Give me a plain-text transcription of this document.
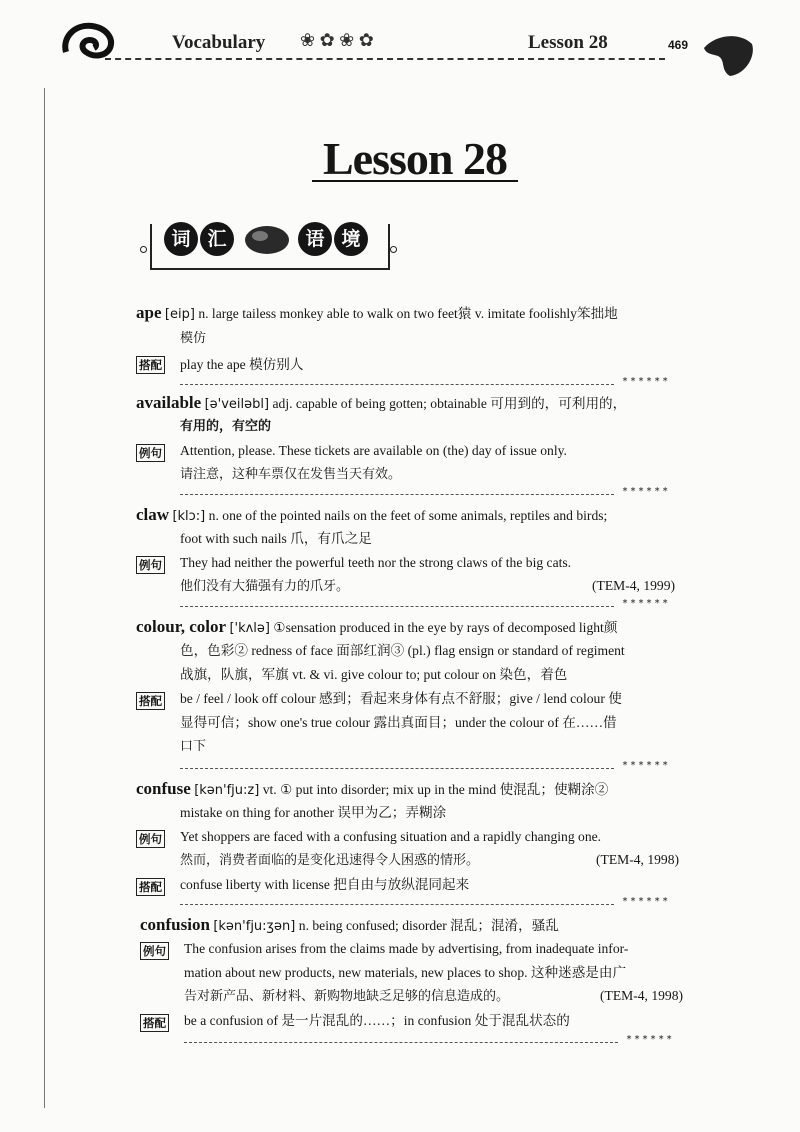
Vocabulary ❀ ✿ ❀ ✿	Lesson 28	469
Lesson 28
词 汇	语 境
ape [eip] n. large tailess monkey able to walk on two feet猿 v. imitate foolishly笨拙地
模仿
搭配 play the ape 模仿别人
******
available [ə'veiləbl] adj. capable of being gotten; obtainable 可用到的，可利用的，
有用的，有空的
例句 Attention, please. These tickets are available on (the) day of issue only.
请注意，这种车票仅在发售当天有效。
******
claw [klɔ:] n. one of the pointed nails on the feet of some animals, reptiles and birds;
foot with such nails 爪，有爪之足
例句 They had neither the powerful teeth nor the strong claws of the big cats.
他们没有大猫强有力的爪牙。	(TEM-4, 1999)
******
colour, color ['kʌlə] ①sensation produced in the eye by rays of decomposed light颜
色，色彩② redness of face 面部红润③ (pl.) flag ensign or standard of regiment
战旗，队旗，军旗 vt. & vi. give colour to; put colour on 染色，着色
搭配 be / feel / look off colour 感到；看起来身体有点不舒服；give / lend colour 使
显得可信；show one's true colour 露出真面目；under the colour of 在……借
口下
******
confuse [kən'fju:z] vt. ① put into disorder; mix up in the mind 使混乱；使糊涂②
mistake on thing for another 误甲为乙；弄糊涂
例句 Yet shoppers are faced with a confusing situation and a rapidly changing one.
然而，消费者面临的是变化迅速得令人困惑的情形。	(TEM-4, 1998)
搭配 confuse liberty with license 把自由与放纵混同起来
******
confusion [kən'fju:ʒən] n. being confused; disorder 混乱；混淆，骚乱
例句 The confusion arises from the claims made by advertising, from inadequate infor-
mation about new products, new materials, new places to shop. 这种迷惑是由广
告对新产品、新材料、新购物地缺乏足够的信息造成的。	(TEM-4, 1998)
搭配 be a confusion of 是一片混乱的……；in confusion 处于混乱状态的
******
